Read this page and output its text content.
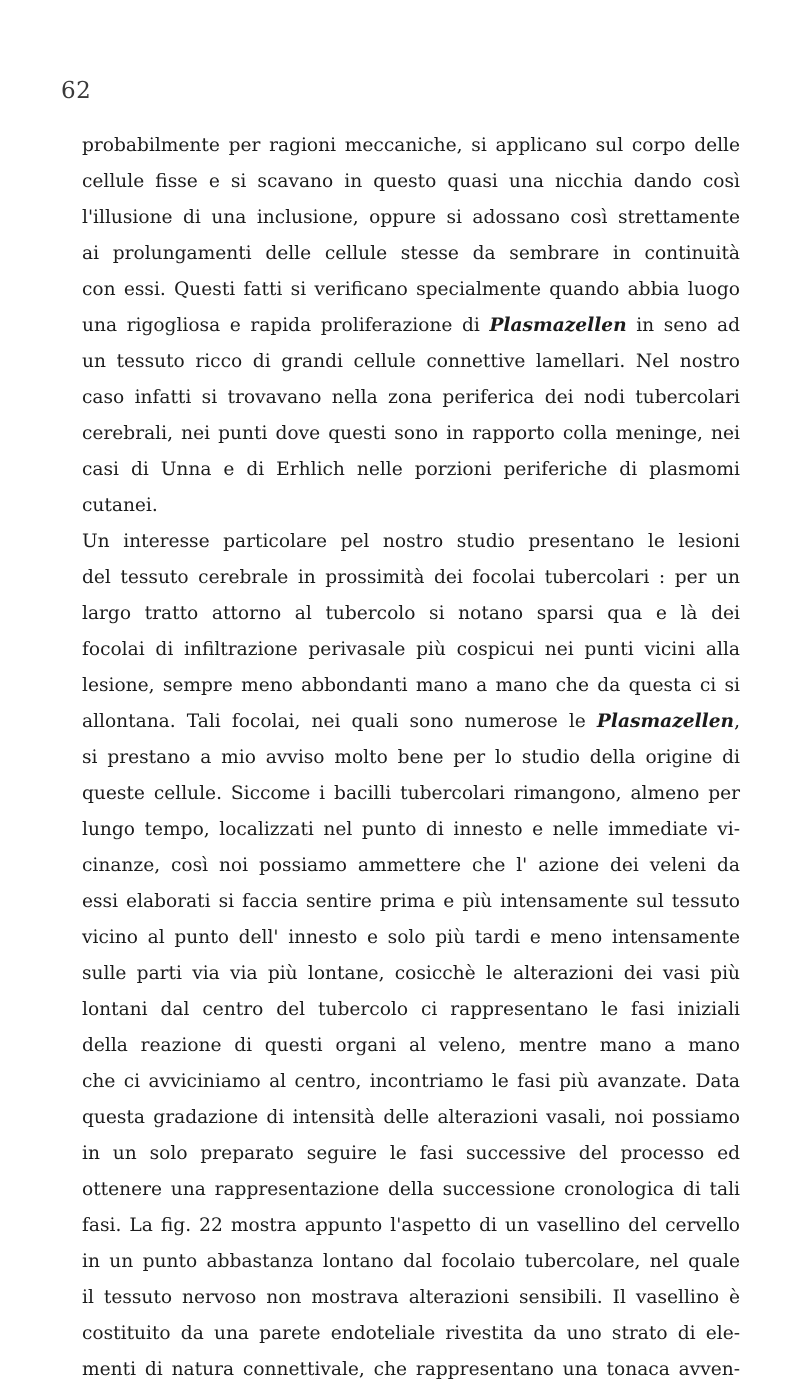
62
probabilmente per ragioni meccaniche, si applicano sul corpo delle
cellule fisse e si scavano in questo quasi una nicchia dando così
l'illusione di una inclusione, oppure si adossano così strettamente
ai prolungamenti delle cellule stesse da sembrare in continuità
con essi. Questi fatti si verificano specialmente quando abbia luogo
una rigogliosa e rapida proliferazione di Plasmazellen in seno ad
un tessuto ricco di grandi cellule connettive lamellari. Nel nostro
caso infatti si trovavano nella zona periferica dei nodi tubercolari
cerebrali, nei punti dove questi sono in rapporto colla meninge, nei
casi di Unna e di Erhlich nelle porzioni periferiche di plasmomi
cutanei.
Un interesse particolare pel nostro studio presentano le lesioni
del tessuto cerebrale in prossimità dei focolai tubercolari : per un
largo tratto attorno al tubercolo si notano sparsi qua e là dei
focolai di infiltrazione perivasale più cospicui nei punti vicini alla
lesione, sempre meno abbondanti mano a mano che da questa ci si
allontana. Tali focolai, nei quali sono numerose le Plasmazellen,
si prestano a mio avviso molto bene per lo studio della origine di
queste cellule. Siccome i bacilli tubercolari rimangono, almeno per
lungo tempo, localizzati nel punto di innesto e nelle immediate vi-
cinanze, così noi possiamo ammettere che l' azione dei veleni da
essi elaborati si faccia sentire prima e più intensamente sul tessuto
vicino al punto dell' innesto e solo più tardi e meno intensamente
sulle parti via via più lontane, cosicchè le alterazioni dei vasi più
lontani dal centro del tubercolo ci rappresentano le fasi iniziali
della reazione di questi organi al veleno, mentre mano a mano
che ci avviciniamo al centro, incontriamo le fasi più avanzate. Data
questa gradazione di intensità delle alterazioni vasali, noi possiamo
in un solo preparato seguire le fasi successive del processo ed
ottenere una rappresentazione della successione cronologica di tali
fasi. La fig. 22 mostra appunto l'aspetto di un vasellino del cervello
in un punto abbastanza lontano dal focolaio tubercolare, nel quale
il tessuto nervoso non mostrava alterazioni sensibili. Il vasellino è
costituito da una parete endoteliale rivestita da uno strato di ele-
menti di natura connettivale, che rappresentano una tonaca avven-
